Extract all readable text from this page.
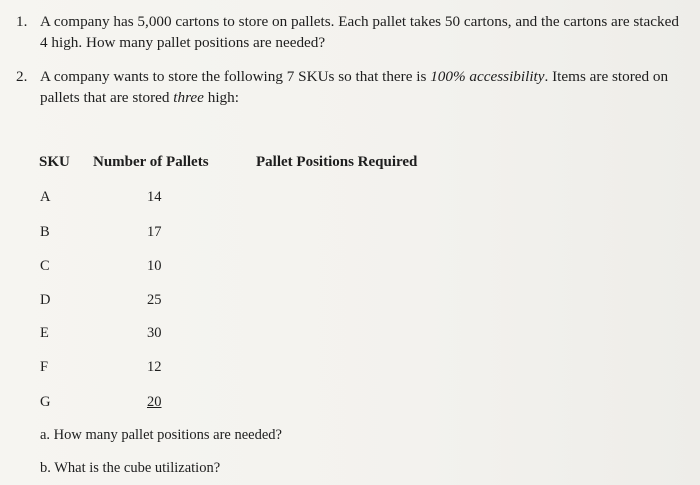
1. A company has 5,000 cartons to store on pallets. Each pallet takes 50 cartons, and the cartons are stacked 4 high. How many pallet positions are needed?
2. A company wants to store the following 7 SKUs so that there is 100% accessibility. Items are stored on pallets that are stored three high:
SKU Number of Pallets	Pallet Positions Required
A	14
B	17
C	10
D	25
E	30
F	12
G	20
a. How many pallet positions are needed?
b. What is the cube utilization?
